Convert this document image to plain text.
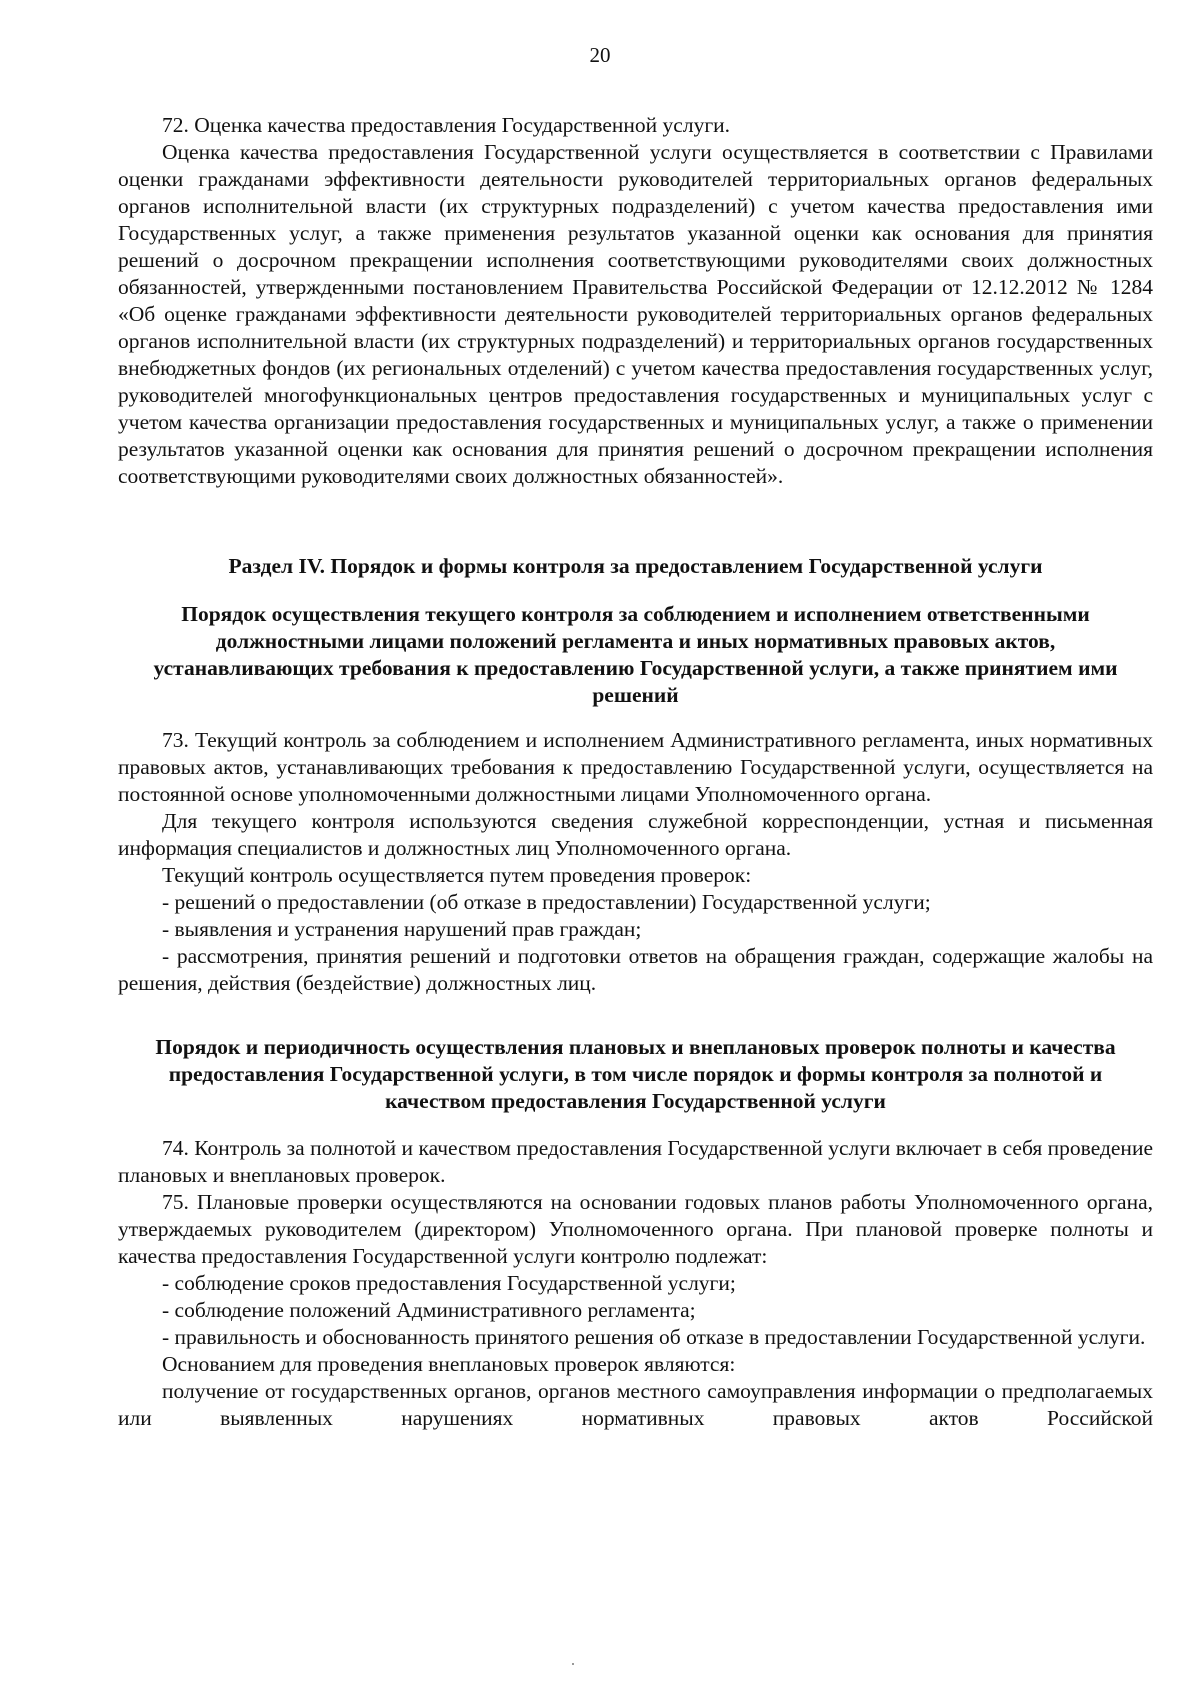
20

72. Оценка качества предоставления Государственной услуги.

Оценка качества предоставления Государственной услуги осуществляется в соответствии с Правилами оценки гражданами эффективности деятельности руководителей территориальных органов федеральных органов исполнительной власти (их структурных подразделений) с учетом качества предоставления ими Государственных услуг, а также применения результатов указанной оценки как основания для принятия решений о досрочном прекращении исполнения соответствующими руководителями своих должностных обязанностей, утвержденными постановлением Правительства Российской Федерации от 12.12.2012 № 1284 «Об оценке гражданами эффективности деятельности руководителей территориальных органов федеральных органов исполнительной власти (их структурных подразделений) и территориальных органов государственных внебюджетных фондов (их региональных отделений) с учетом качества предоставления государственных услуг, руководителей многофункциональных центров предоставления государственных и муниципальных услуг с учетом качества организации предоставления государственных и муниципальных услуг, а также о применении результатов указанной оценки как основания для принятия решений о досрочном прекращении исполнения соответствующими руководителями своих должностных обязанностей».

Раздел IV. Порядок и формы контроля за предоставлением Государственной услуги
Порядок осуществления текущего контроля за соблюдением и исполнением ответственными должностными лицами положений регламента и иных нормативных правовых актов, устанавливающих требования к предоставлению Государственной услуги, а также принятием ими решений

73. Текущий контроль за соблюдением и исполнением Административного регламента, иных нормативных правовых актов, устанавливающих требования к предоставлению Государственной услуги, осуществляется на постоянной основе уполномоченными должностными лицами Уполномоченного органа.

Для текущего контроля используются сведения служебной корреспонденции, устная и письменная информация специалистов и должностных лиц Уполномоченного органа.

Текущий контроль осуществляется путем проведения проверок:

- решений о предоставлении (об отказе в предоставлении) Государственной услуги;

- выявления и устранения нарушений прав граждан;

- рассмотрения, принятия решений и подготовки ответов на обращения граждан, содержащие жалобы на решения, действия (бездействие) должностных лиц.

Порядок и периодичность осуществления плановых и внеплановых проверок полноты и качества предоставления Государственной услуги, в том числе порядок и формы контроля за полнотой и качеством предоставления Государственной услуги

74. Контроль за полнотой и качеством предоставления Государственной услуги включает в себя проведение плановых и внеплановых проверок.

75. Плановые проверки осуществляются на основании годовых планов работы Уполномоченного органа, утверждаемых руководителем (директором) Уполномоченного органа. При плановой проверке полноты и качества предоставления Государственной услуги контролю подлежат:

- соблюдение сроков предоставления Государственной услуги;

- соблюдение положений Административного регламента;

- правильность и обоснованность принятого решения об отказе в предоставлении Государственной услуги.

Основанием для проведения внеплановых проверок являются:

получение от государственных органов, органов местного самоуправления информации о предполагаемых или выявленных нарушениях нормативных правовых актов Российской
